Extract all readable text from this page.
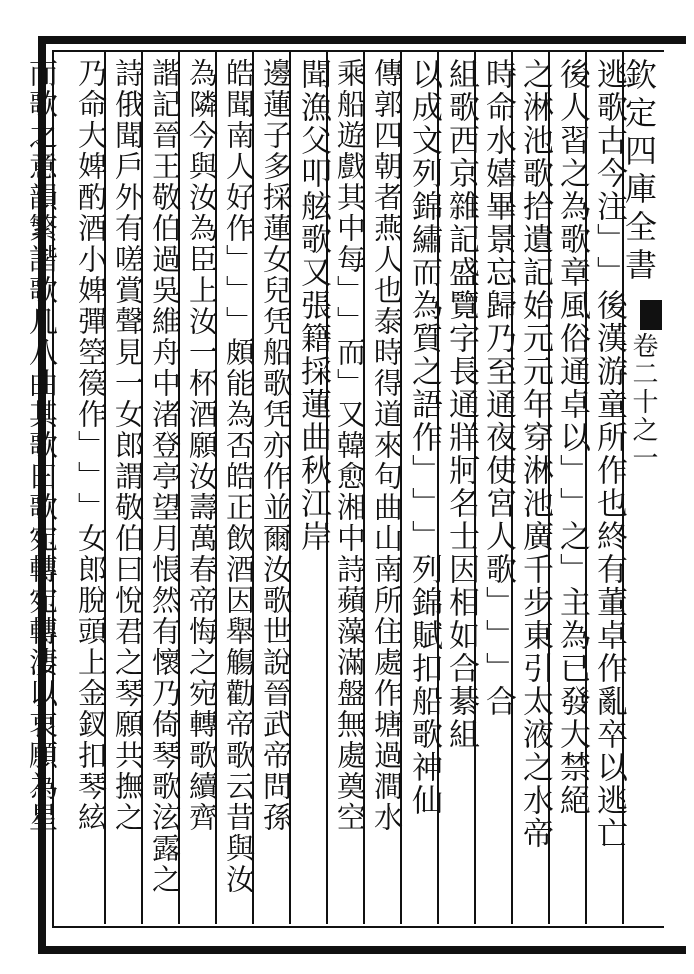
欽定四庫全書
卷二十之一
逃歌古今注﹂﹂後漢游童所作也終有董卓作亂卒以逃亡
後人習之為歌章風俗通卓以﹂﹂之﹂主為已發大禁絕
之淋池歌拾遺記始元元年穿淋池廣千步東引太液之水帝
時命水嬉畢景忘歸乃至通夜使宮人歌﹂﹂﹂合
組歌西京雜記盛覽字長通牂牁名士因相如合綦組
以成文列錦繡而為質之語作﹂﹂﹂列錦賦扣船歌神仙
傳郭四朝者燕人也泰時得道來句曲山南所住處作塘過澗水
乘船遊戲其中每﹂﹂而﹂又韓愈湘中詩蘋藻滿盤無處奠空
聞漁父叩舷歌又張籍採蓮曲秋江岸
邊蓮子多採蓮女兒凭船歌凭亦作並爾汝歌世說晉武帝問孫
皓聞南人好作﹂﹂﹂頗能為否皓正飲酒因舉觴勸帝歌云昔與汝
為隣今與汝為臣上汝一杯酒願汝壽萬春帝悔之宛轉歌續齊
諧記晉王敬伯過吳維舟中渚登亭望月悵然有懷乃倚琴歌泫露之
詩俄聞戶外有嗟賞聲見一女郎謂敬伯曰悅君之琴願共撫之
乃命大婢酌酒小婢彈箜篌作﹂﹂﹂女郎脫頭上金釵扣琴絃
而歌之意韻繁諧歌凡八曲其歌曰歌宛轉宛轉淒以哀願為星
